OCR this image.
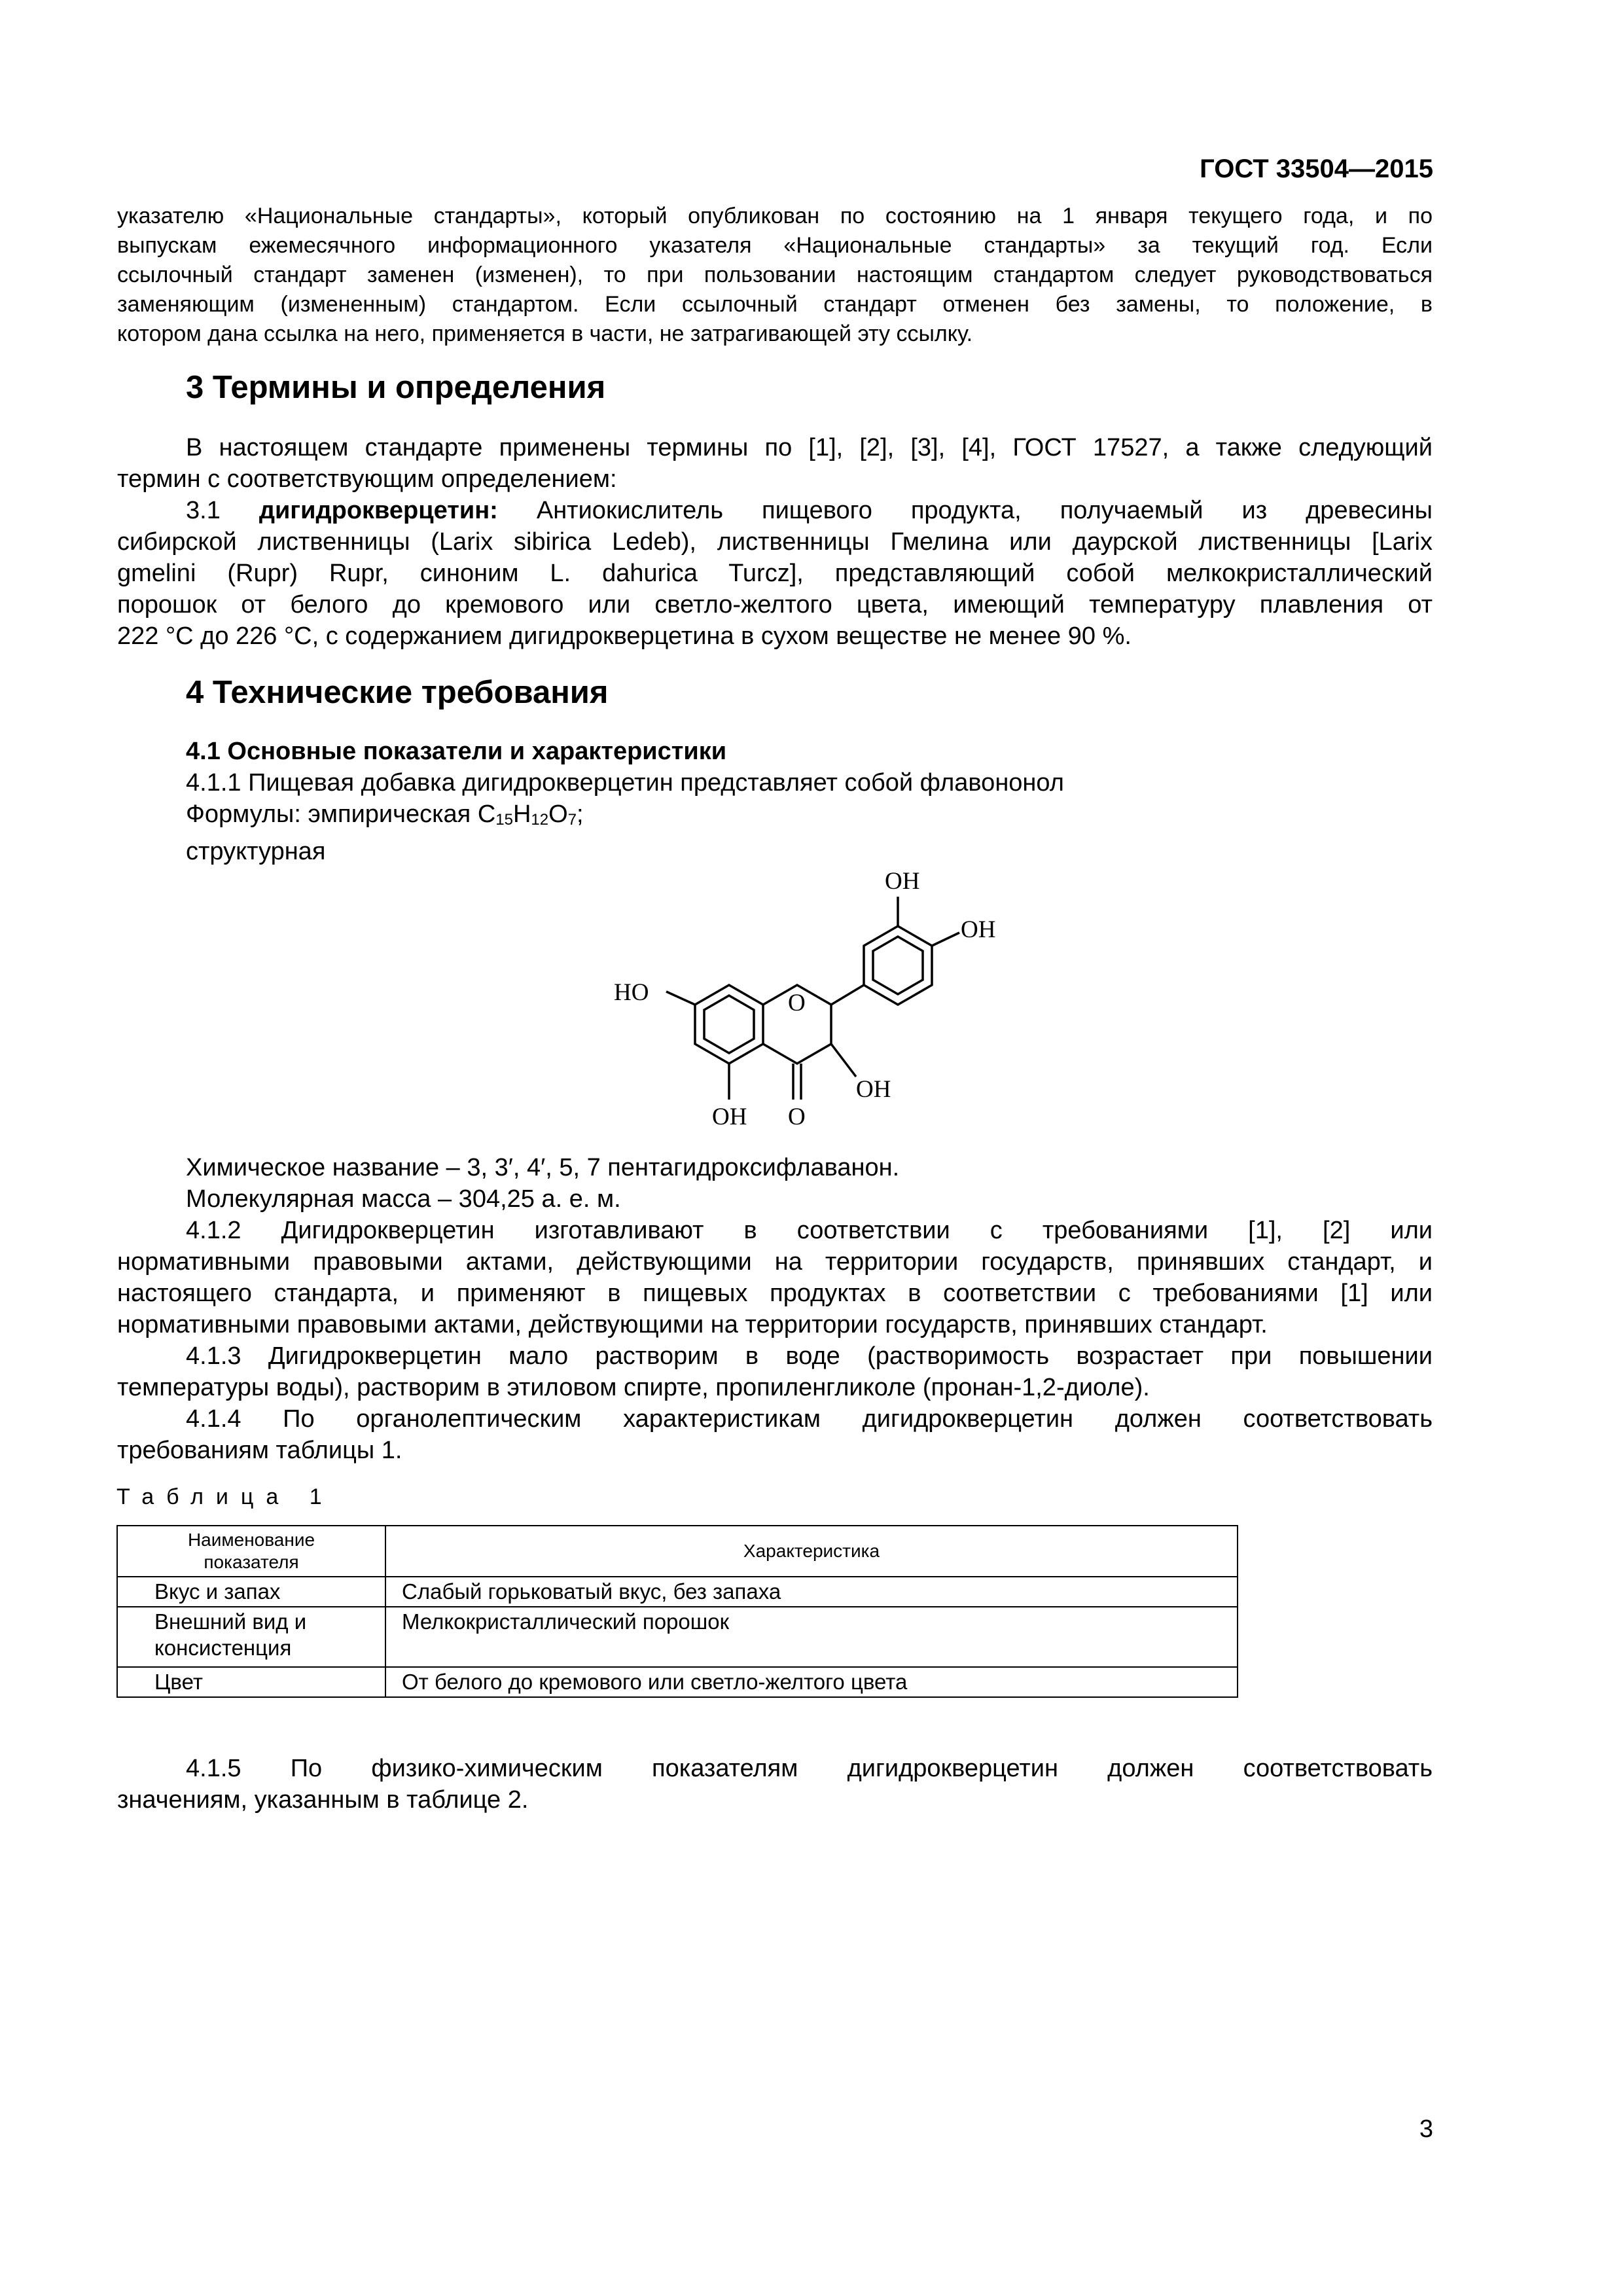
ГОСТ 33504—2015
указателю «Национальные стандарты», который опубликован по состоянию на 1 января текущего года, и по
выпускам ежемесячного информационного указателя «Национальные стандарты» за текущий год. Если
ссылочный стандарт заменен (изменен), то при пользовании настоящим стандартом следует руководствоваться
заменяющим (измененным) стандартом. Если ссылочный стандарт отменен без замены, то положение, в
котором дана ссылка на него, применяется в части, не затрагивающей эту ссылку.
3 Термины и определения
В настоящем стандарте применены термины по [1], [2], [3], [4], ГОСТ 17527, а также следующий
термин с соответствующим определением:
3.1 дигидрокверцетин: Антиокислитель пищевого продукта, получаемый из древесины
сибирской лиственницы (Larix sibirica Ledeb), лиственницы Гмелина или даурской лиственницы [Larix
gmelini (Rupr) Rupr, синоним L. dahurica Turcz], представляющий собой мелкокристаллический
порошок от белого до кремового или светло-желтого цвета, имеющий температуру плавления от
222 °С до 226 °С, с содержанием дигидрокверцетина в сухом веществе не менее 90 %.
4 Технические требования
4.1 Основные показатели и характеристики
4.1.1 Пищевая добавка дигидрокверцетин представляет собой флавононол
Формулы: эмпирическая $С_{15}Н_{12}О_7$;
структурная
O
OH
OH
HO
OH
OH O
Химическое название – 3, 3′, 4′, 5, 7 пентагидроксифлаванон.
Молекулярная масса – 304,25 а. е. м.
4.1.2 Дигидрокверцетин изготавливают в соответствии с требованиями [1], [2] или
нормативными правовыми актами, действующими на территории государств, принявших стандарт, и
настоящего стандарта, и применяют в пищевых продуктах в соответствии с требованиями [1] или
нормативными правовыми актами, действующими на территории государств, принявших стандарт.
4.1.3 Дигидрокверцетин мало растворим в воде (растворимость возрастает при повышении
температуры воды), растворим в этиловом спирте, пропиленгликоле (пронан-1,2-диоле).
4.1.4 По органолептическим характеристикам дигидрокверцетин должен соответствовать
требованиям таблицы 1.
Таблица 1
Наименование показателя	Характеристика
Вкус и запах	Слабый горьковатый вкус, без запаха
Внешний вид и консистенция	Мелкокристаллический порошок
Цвет	От белого до кремового или светло-желтого цвета
4.1.5 По физико-химическим показателям дигидрокверцетин должен соответствовать
значениям, указанным в таблице 2.
3
